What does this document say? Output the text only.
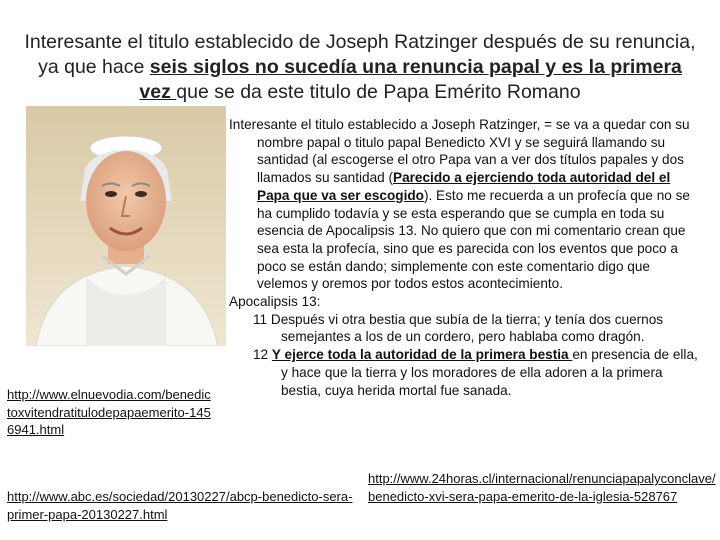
Interesante el titulo establecido de Joseph Ratzinger después de su renuncia, ya que hace seis siglos no sucedía una renuncia papal y es la primera vez que se da este titulo de Papa Emérito Romano

Interesante el titulo establecido a Joseph Ratzinger, = se va a quedar con su nombre papal o titulo papal Benedicto XVI y se seguirá llamando su santidad (al escogerse el otro Papa van a ver dos títulos papales y dos llamados su santidad (Parecido a ejerciendo toda autoridad del el Papa que va ser escogido). Esto me recuerda a un profecía que no se ha cumplido todavía y se esta esperando que se cumpla en toda su esencia de Apocalipsis 13. No quiero que con mi comentario crean que sea esta la profecía, sino que es parecida con los eventos que poco a poco se están dando; simplemente con este comentario digo que velemos y oremos por todos estos acontecimiento.

Apocalipsis 13:

11 Después vi otra bestia que subía de la tierra; y tenía dos cuernos semejantes a los de un cordero, pero hablaba como dragón.

12 Y ejerce toda la autoridad de la primera bestia en presencia de ella, y hace que la tierra y los moradores de ella adoren a la primera bestia, cuya herida mortal fue sanada.

http://www.elnuevodia.com/benedictoxvitendratitulodepapaemerito-1456941.html
http://www.abc.es/sociedad/20130227/abcp-benedicto-sera-primer-papa-20130227.html
http://www.24horas.cl/internacional/renunciapapalyconclave/benedicto-xvi-sera-papa-emerito-de-la-iglesia-528767
